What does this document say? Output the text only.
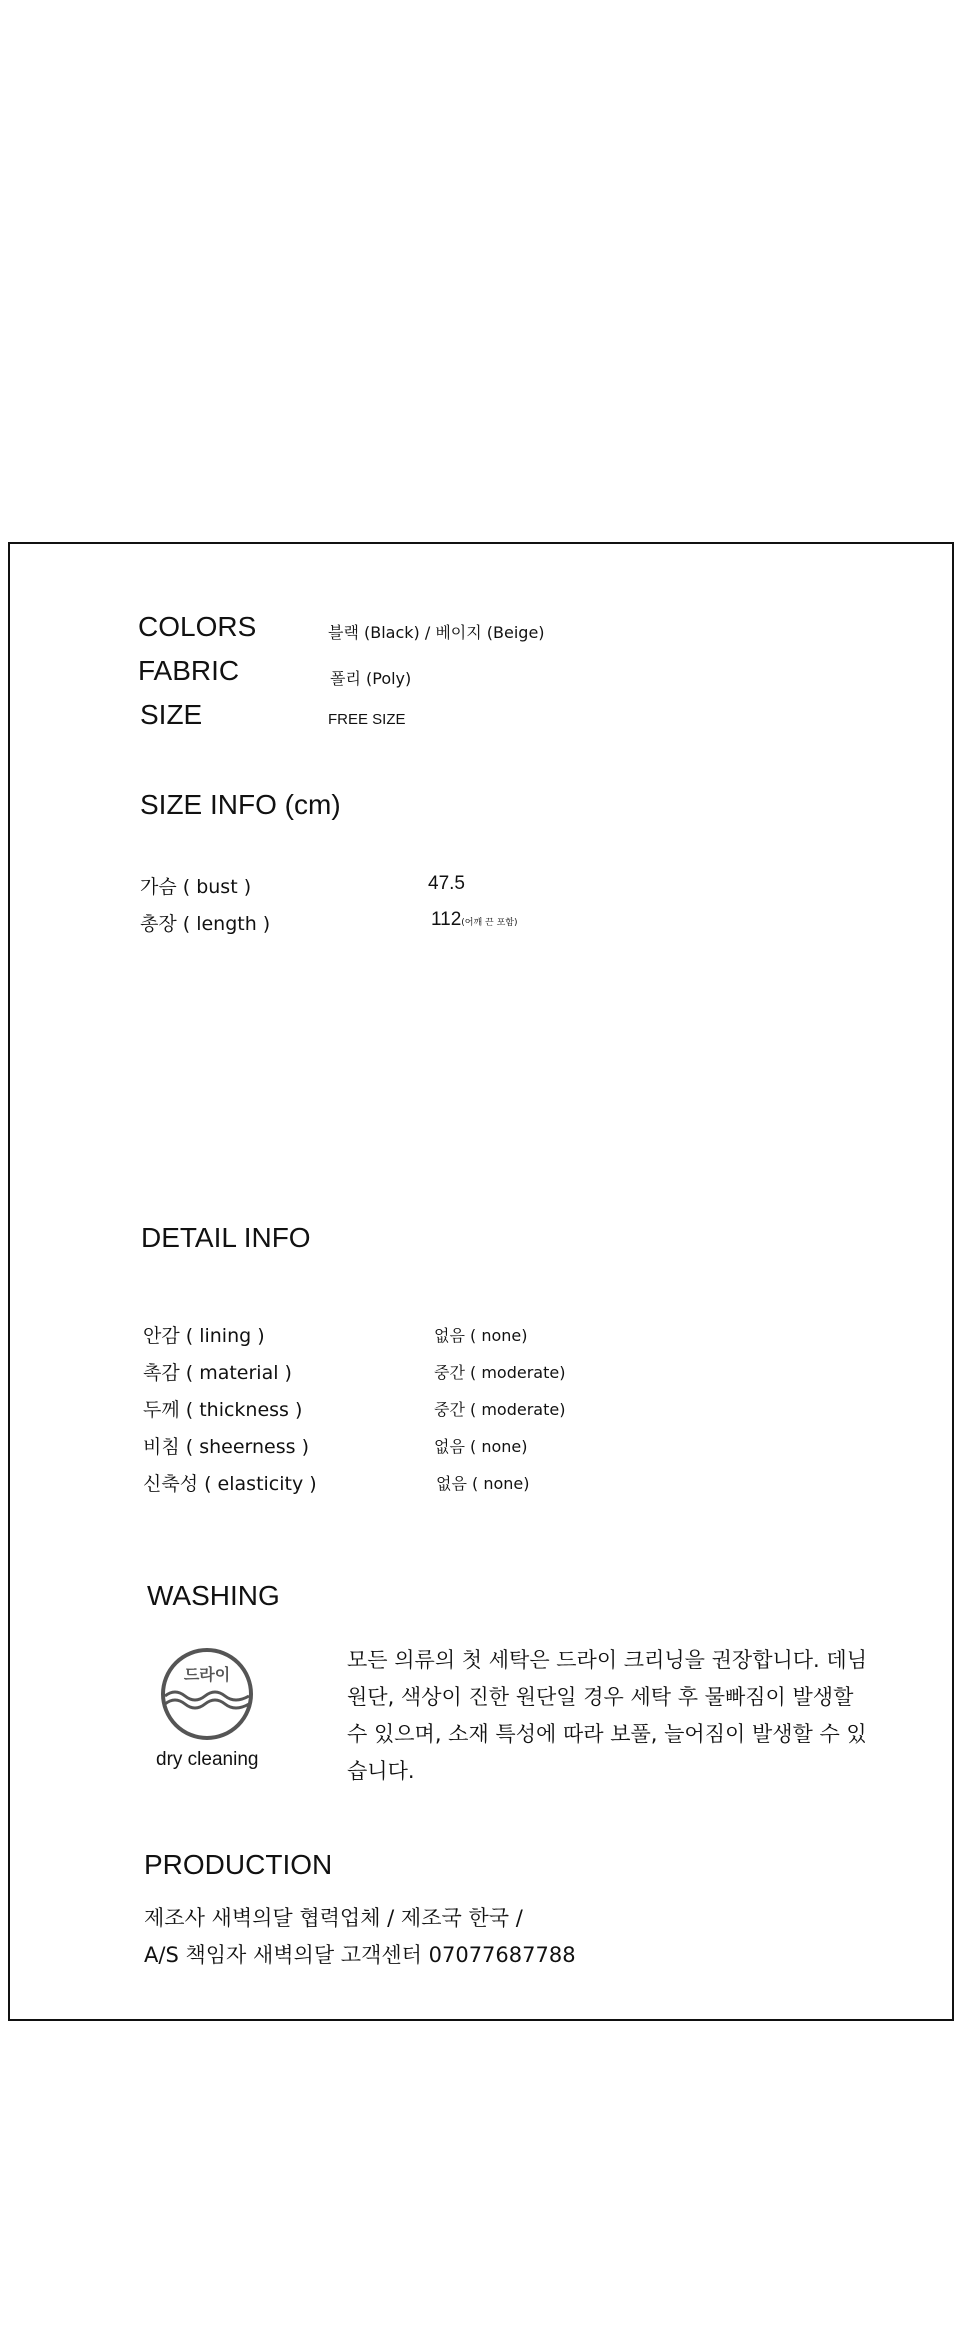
COLORS	블랙 (Black) / 베이지 (Beige)
FABRIC	폴리 (Poly)
SIZE	FREE SIZE
SIZE INFO (cm)
가슴 ( bust )	47.5
총장 ( length )	112(어깨 끈 포함)
DETAIL INFO
안감 ( lining )	없음 ( none)
촉감 ( material )	중간 ( moderate)
두께 ( thickness )	중간 ( moderate)
비침 ( sheerness )	없음 ( none)
신축성 ( elasticity )	없음 ( none)
WASHING
드라이
dry cleaning
모든 의류의 첫 세탁은 드라이 크리닝을 권장합니다. 데님원단, 색상이 진한 원단일 경우 세탁 후 물빠짐이 발생할 수 있으며, 소재 특성에 따라 보풀, 늘어짐이 발생할 수 있습니다.
PRODUCTION
제조사 새벽의달 협력업체 / 제조국 한국 /
A/S 책임자 새벽의달 고객센터 07077687788
